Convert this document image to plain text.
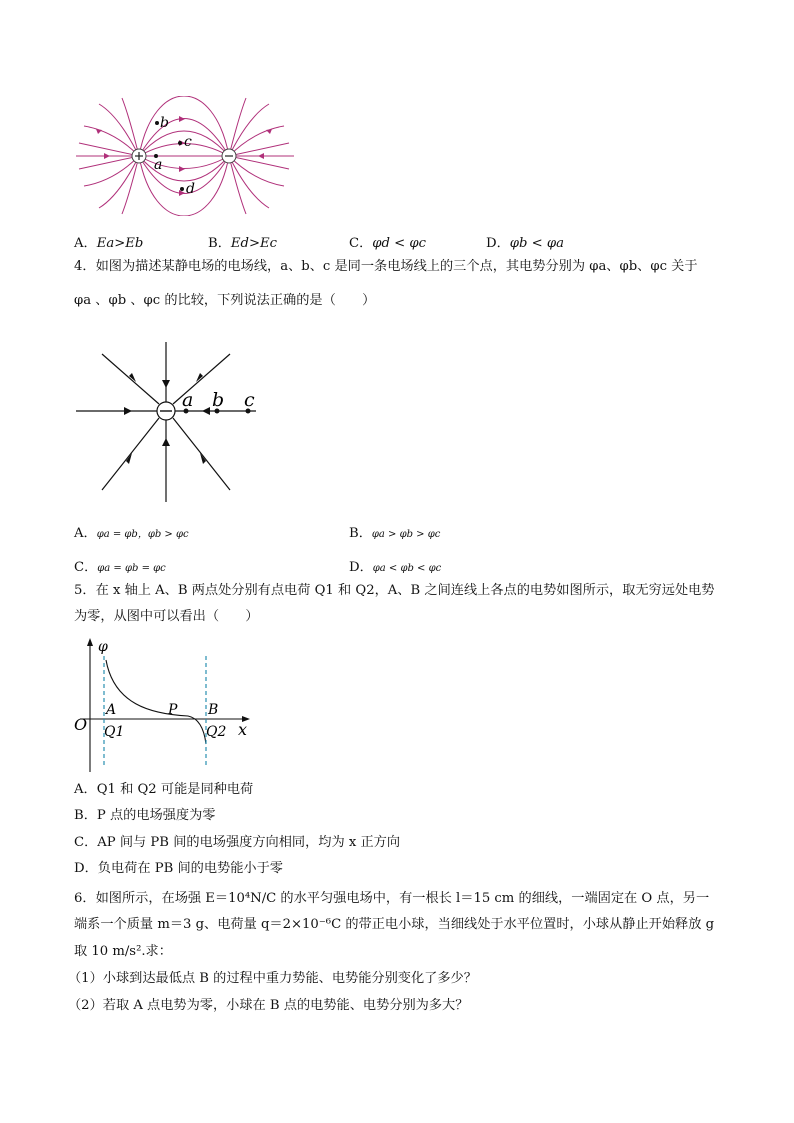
b
c
a
d
A．Ea>Eb	B．Ed>Ec	C．φd < φc	D．φb < φa
4．如图为描述某静电场的电场线，a、b、c 是同一条电场线上的三个点，其电势分别为 φa、φb、φc 关于
φa 、φb 、φc 的比较，下列说法正确的是（　　）
a b c
A．φa = φb，φb > φc	B．φa > φb > φc
C．φa = φb = φc	D．φa < φb < φc
5．在 x 轴上 A、B 两点处分别有点电荷 Q1 和 Q2，A、B 之间连线上各点的电势如图所示，取无穷远处电势
为零，从图中可以看出（　　）
φ
O
A	P B
Q1	Q2 x
A．Q1 和 Q2 可能是同种电荷
B．P 点的电场强度为零
C．AP 间与 PB 间的电场强度方向相同，均为 x 正方向
D．负电荷在 PB 间的电势能小于零
6．如图所示，在场强 E＝10⁴N/C 的水平匀强电场中，有一根长 l＝15 cm 的细线，一端固定在 O 点，另一
端系一个质量 m＝3 g、电荷量 q＝2×10⁻⁶C 的带正电小球，当细线处于水平位置时，小球从静止开始释放 g
取 10 m/s².求：
（1）小球到达最低点 B 的过程中重力势能、电势能分别变化了多少？
（2）若取 A 点电势为零，小球在 B 点的电势能、电势分别为多大？
